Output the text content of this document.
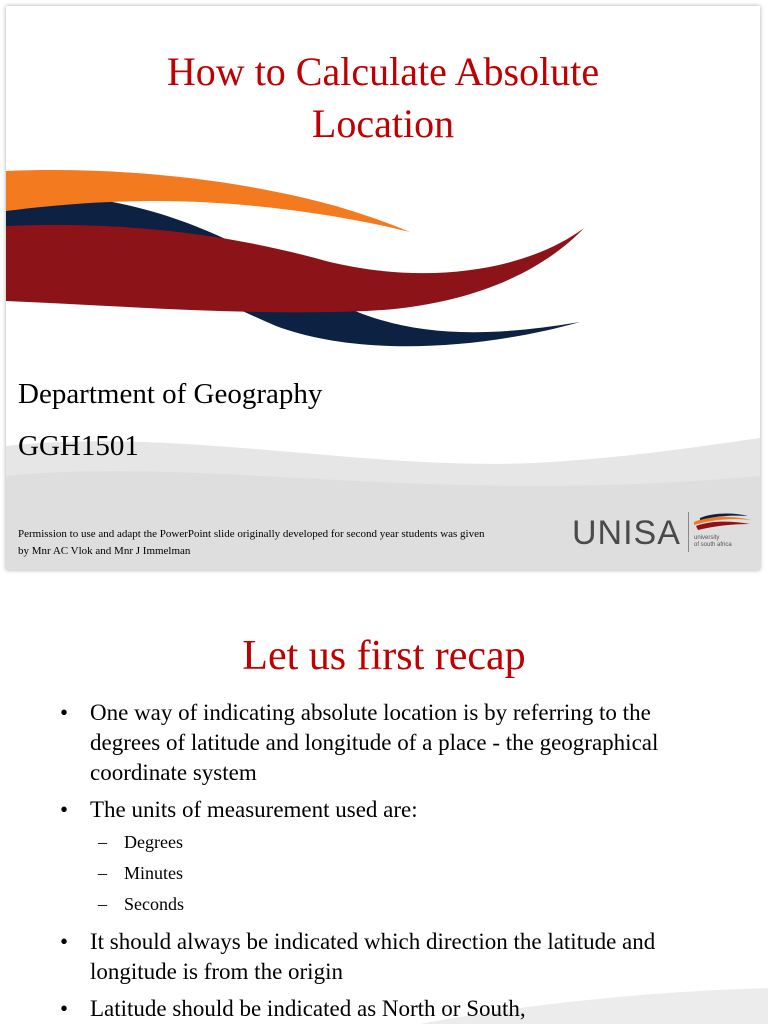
How to Calculate Absolute
Location
Department of Geography
GGH1501
Permission to use and adapt the PowerPoint slide originally developed for second year students was given
by Mnr AC Vlok and Mnr J Immelman	UNISA university
of south africa
Let us first recap
• One way of indicating absolute location is by referring to the degrees of latitude and longitude of a place - the geographical coordinate system
• The units of measurement used are:
– Degrees
– Minutes
– Seconds
• It should always be indicated which direction the latitude and longitude is from the origin
• Latitude should be indicated as North or South,
